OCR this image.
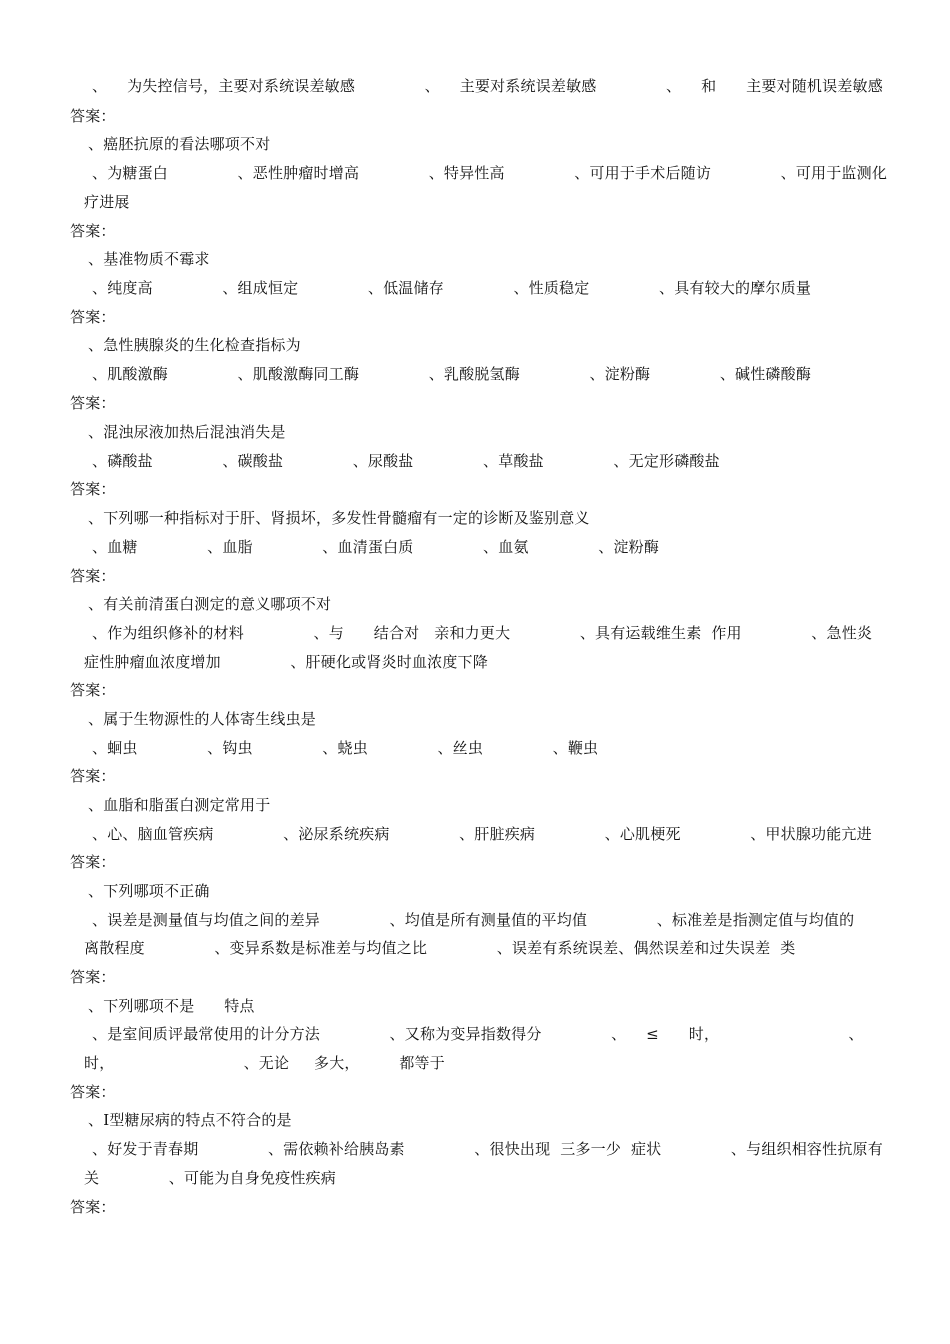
、    为失控信号，主要对系统误差敏感              、    主要对系统误差敏感              、    和      主要对随机误差敏感
答案：
、癌胚抗原的看法哪项不对
、为糖蛋白              、恶性肿瘤时增高              、特异性高              、可用于手术后随访              、可用于监测化
疗进展
答案：
、基准物质不霉求
、纯度高              、组成恒定              、低温储存              、性质稳定              、具有较大的摩尔质量
答案：
、急性胰腺炎的生化检查指标为
、肌酸激酶              、肌酸激酶同工酶              、乳酸脱氢酶              、淀粉酶              、碱性磷酸酶
答案：
、混浊尿液加热后混浊消失是
、磷酸盐              、碳酸盐              、尿酸盐              、草酸盐              、无定形磷酸盐
答案：
、下列哪一种指标对于肝、肾损坏，多发性骨髓瘤有一定的诊断及鉴别意义
、血糖              、血脂              、血清蛋白质              、血氨              、淀粉酶
答案：
、有关前清蛋白测定的意义哪项不对
、作为组织修补的材料              、与      结合对   亲和力更大              、具有运载维生素  作用              、急性炎
症性肿瘤血浓度增加              、肝硬化或肾炎时血浓度下降
答案：
、属于生物源性的人体寄生线虫是
、蛔虫              、钩虫              、蛲虫              、丝虫              、鞭虫
答案：
、血脂和脂蛋白测定常用于
、心、脑血管疾病              、泌尿系统疾病              、肝脏疾病              、心肌梗死              、甲状腺功能亢进
答案：
、下列哪项不正确
、误差是测量值与均值之间的差异              、均值是所有测量值的平均值              、标准差是指测定值与均值的
离散程度              、变异系数是标准差与均值之比              、误差有系统误差、偶然误差和过失误差  类
答案：
、下列哪项不是      特点
、是室间质评最常使用的计分方法              、又称为变异指数得分              、    ≤      时，                          、
时，                          、无论     多大，        都等于
答案：
、Ⅰ型糖尿病的特点不符合的是
、好发于青春期              、需依赖补给胰岛素              、很快出现  三多一少  症状              、与组织相容性抗原有
关              、可能为自身免疫性疾病
答案：
